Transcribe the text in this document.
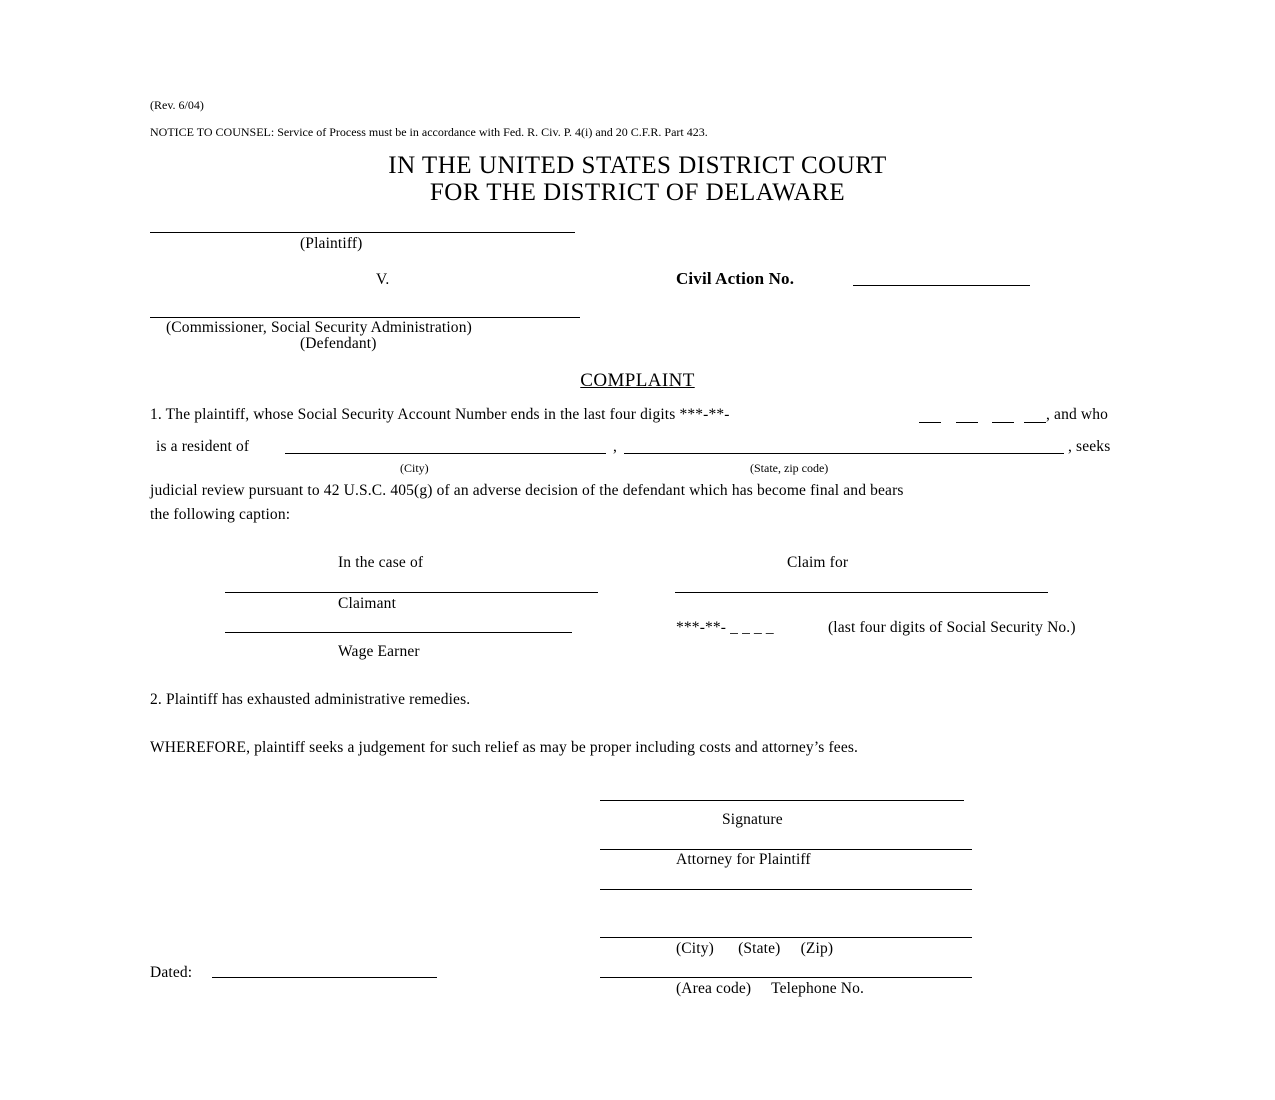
(Rev. 6/04)
NOTICE TO COUNSEL: Service of Process must be in accordance with Fed. R. Civ. P. 4(i) and 20 C.F.R. Part 423.
IN THE UNITED STATES DISTRICT COURT
FOR THE DISTRICT OF DELAWARE
(Plaintiff)
V.	Civil Action No.
(Commissioner, Social Security Administration)
(Defendant)
COMPLAINT
1. The plaintiff, whose Social Security Account Number ends in the last four digits ***-**-	, and who
is a resident of	,	, seeks
(City)	(State, zip code)
judicial review pursuant to 42 U.S.C. 405(g) of an adverse decision of the defendant which has become final and bears
the following caption:
In the case of	Claim for
Claimant
***-**- _ _ _ _	(last four digits of Social Security No.)
Wage Earner
2. Plaintiff has exhausted administrative remedies.
WHEREFORE, plaintiff seeks a judgement for such relief as may be proper including costs and attorney’s fees.
Signature
Attorney for Plaintiff
(City)      (State)     (Zip)
(Area code)     Telephone No.
Dated:
